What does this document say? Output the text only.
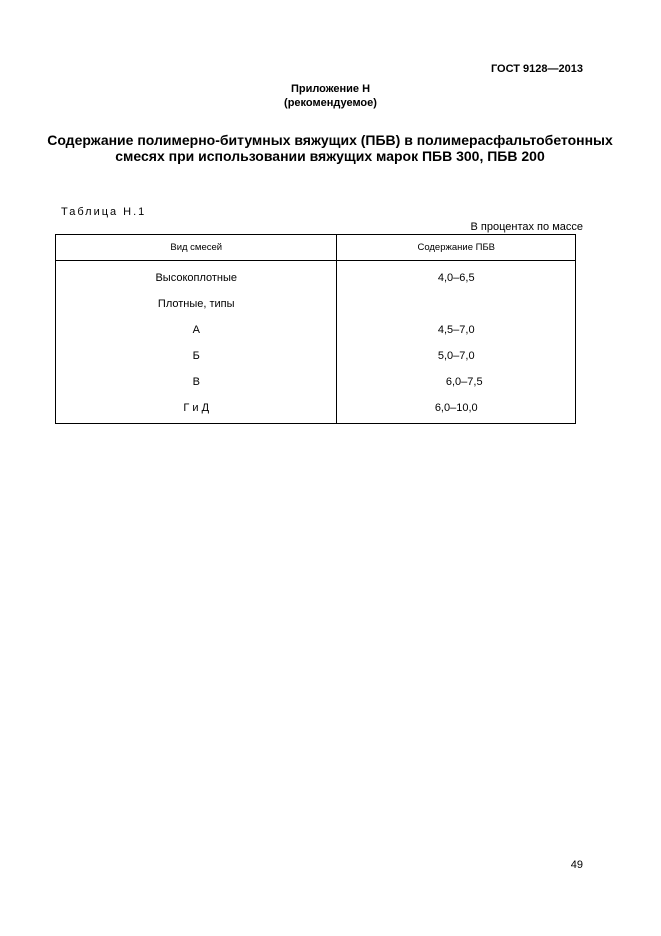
ГОСТ 9128—2013
Приложение Н
(рекомендуемое)
Содержание полимерно-битумных вяжущих (ПБВ) в полимерасфальтобетонных смесях при использовании вяжущих марок ПБВ 300, ПБВ 200
Таблица Н.1
В процентах по массе
Вид смесей	Содержание ПБВ
Высокоплотные	4,0–6,5
Плотные, типы	
А	4,5–7,0
Б	5,0–7,0
В	6,0–7,5
Г и Д	6,0–10,0
49
